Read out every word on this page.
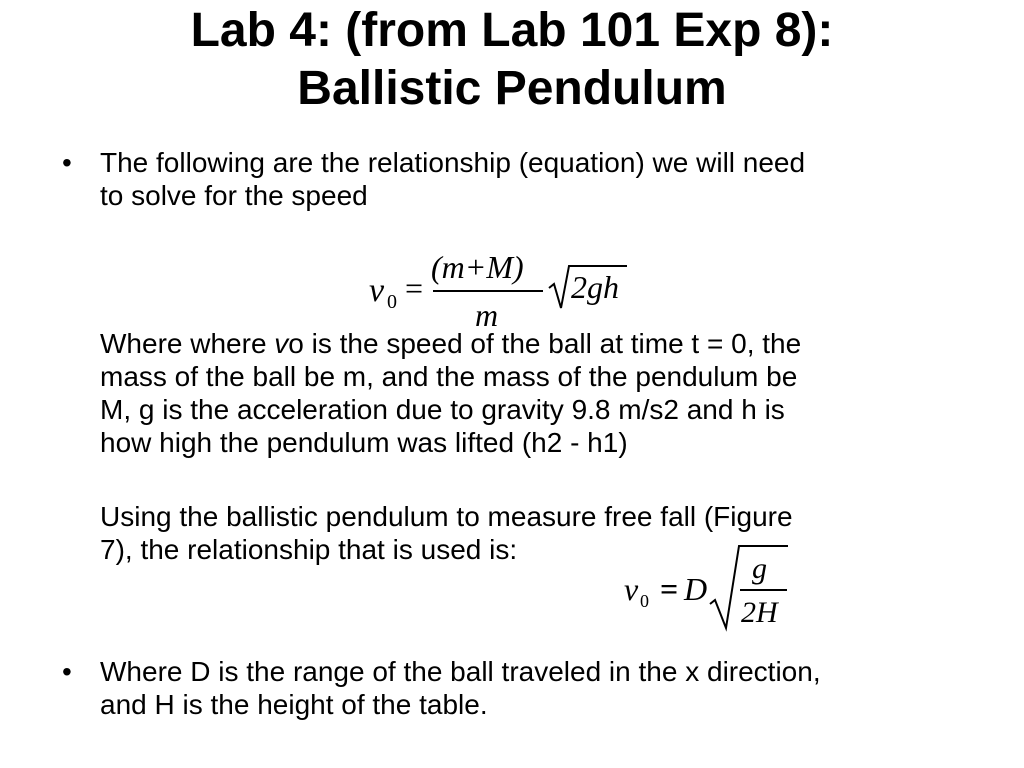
Lab 4: (from Lab 101 Exp 8):
Ballistic Pendulum
• The following are the relationship (equation) we will need
to solve for the speed
v 0 =
(m+M)
m
2gh
Where where vo is the speed of the ball at time t = 0, the
mass of the ball be m, and the mass of the pendulum be
M, g is the acceleration due to gravity 9.8 m/s2 and h is
how high the pendulum was lifted (h2 - h1)
Using the ballistic pendulum to measure free fall (Figure
7), the relationship that is used is:
v 0 = D
g
2H
• Where D is the range of the ball traveled in the x direction,
and H is the height of the table.
